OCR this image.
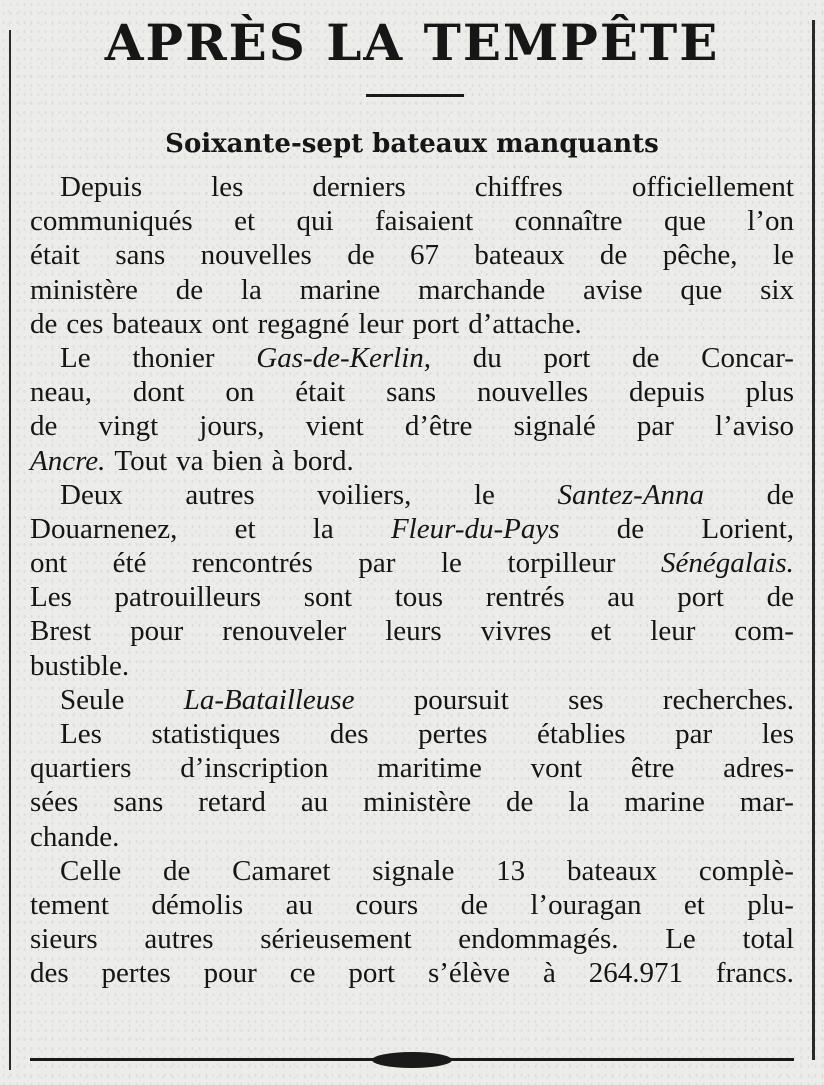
APRÈS LA TEMPÊTE
Soixante-sept bateaux manquants
Depuis les derniers chiffres officiellement
communiqués et qui faisaient connaître que l’on
était sans nouvelles de 67 bateaux de pêche, le
ministère de la marine marchande avise que six
de ces bateaux ont regagné leur port d’attache.
Le thonier Gas-de-Kerlin, du port de Concar-
neau, dont on était sans nouvelles depuis plus
de vingt jours, vient d’être signalé par l’aviso
Ancre. Tout va bien à bord.
Deux autres voiliers, le Santez-Anna de
Douarnenez, et la Fleur-du-Pays de Lorient,
ont été rencontrés par le torpilleur Sénégalais.
Les patrouilleurs sont tous rentrés au port de
Brest pour renouveler leurs vivres et leur com-
bustible.
Seule La-Batailleuse poursuit ses recherches.
Les statistiques des pertes établies par les
quartiers d’inscription maritime vont être adres-
sées sans retard au ministère de la marine mar-
chande.
Celle de Camaret signale 13 bateaux complè-
tement démolis au cours de l’ouragan et plu-
sieurs autres sérieusement endommagés. Le total
des pertes pour ce port s’élève à 264.971 francs.
